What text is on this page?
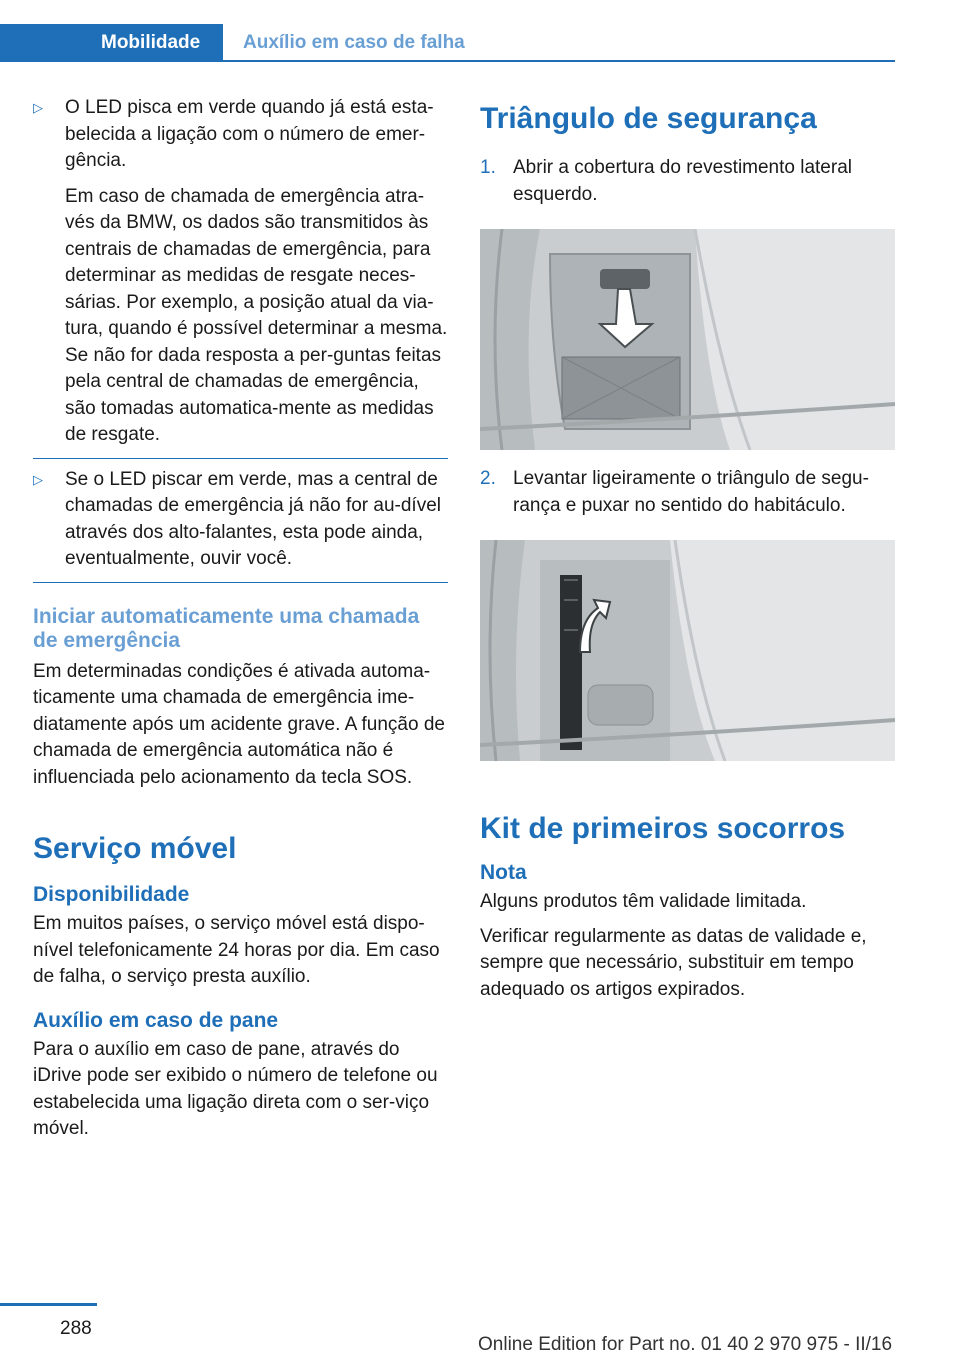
Mobilidade	Auxílio em caso de falha
▷	O LED pisca em verde quando já está esta-belecida a ligação com o número de emer-gência.

Em caso de chamada de emergência atra-vés da BMW, os dados são transmitidos às centrais de chamadas de emergência, para determinar as medidas de resgate neces-sárias. Por exemplo, a posição atual da via-tura, quando é possível determinar a mesma. Se não for dada resposta a per-guntas feitas pela central de chamadas de emergência, são tomadas automatica-mente as medidas de resgate.

▷	Se o LED piscar em verde, mas a central de chamadas de emergência já não for au-dível através dos alto-falantes, esta pode ainda, eventualmente, ouvir você.

Iniciar automaticamente uma chamada de emergência

Em determinadas condições é ativada automa-ticamente uma chamada de emergência ime-diatamente após um acidente grave. A função de chamada de emergência automática não é influenciada pelo acionamento da tecla SOS.

Serviço móvel
Disponibilidade

Em muitos países, o serviço móvel está dispo-nível telefonicamente 24 horas por dia. Em caso de falha, o serviço presta auxílio.

Auxílio em caso de pane

Para o auxílio em caso de pane, através do iDrive pode ser exibido o número de telefone ou estabelecida uma ligação direta com o ser-viço móvel.

Triângulo de segurança
1. Abrir a cobertura do revestimento lateral esquerdo.

2. Levantar ligeiramente o triângulo de segu-rança e puxar no sentido do habitáculo.

Kit de primeiros socorros
Nota

Alguns produtos têm validade limitada.

Verificar regularmente as datas de validade e, sempre que necessário, substituir em tempo adequado os artigos expirados.

288
Online Edition for Part no. 01 40 2 970 975 - II/16
